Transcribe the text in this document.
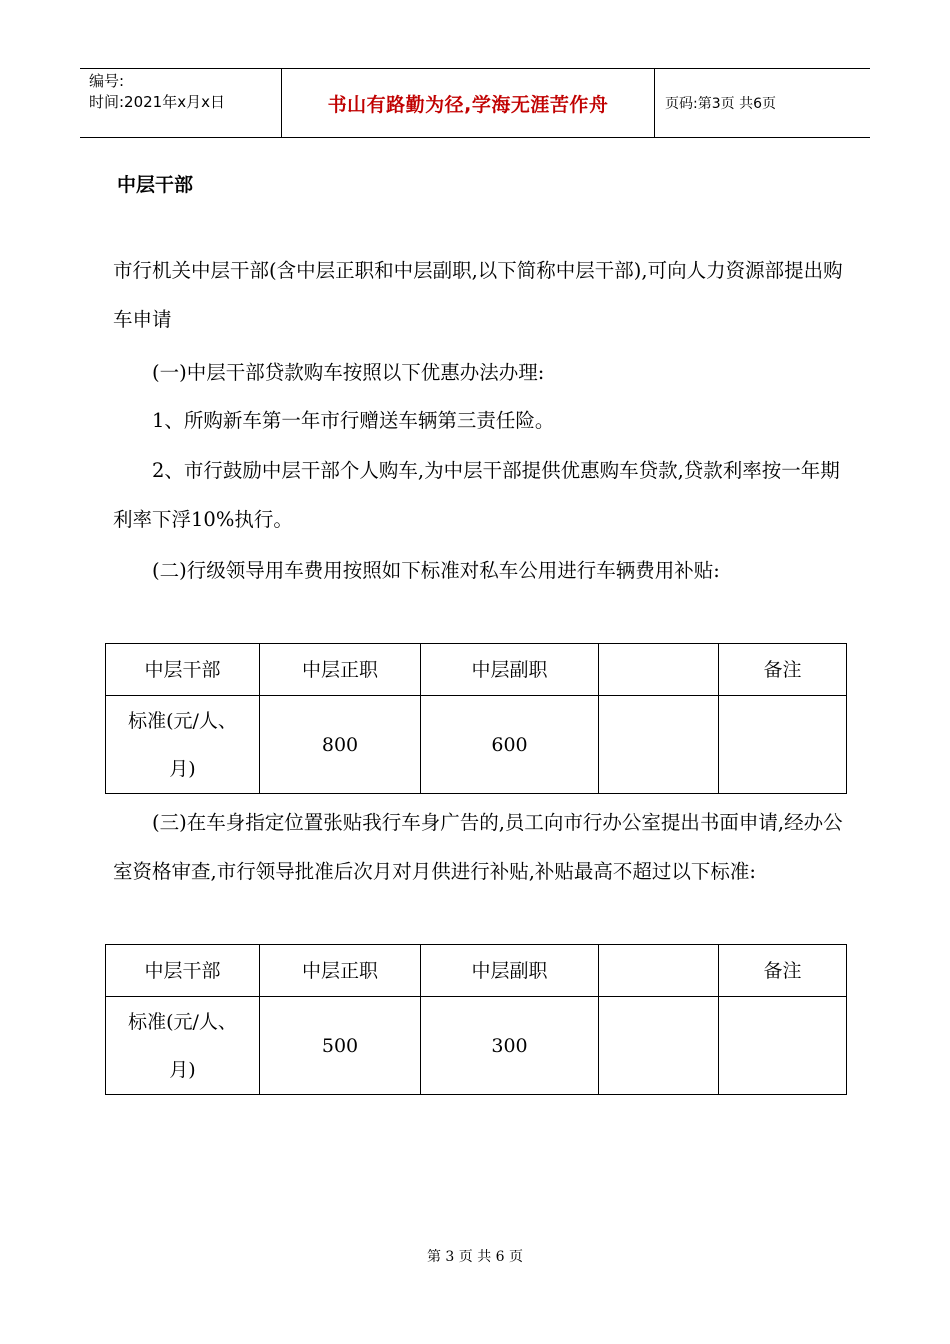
编号:
时间:2021年x月x日	书山有路勤为径,学海无涯苦作舟	页码:第3页 共6页
中层干部

市行机关中层干部(含中层正职和中层副职,以下简称中层干部),可向人力资源部提出购车申请

(一)中层干部贷款购车按照以下优惠办法办理:

1、所购新车第一年市行赠送车辆第三责任险。

2、市行鼓励中层干部个人购车,为中层干部提供优惠购车贷款,贷款利率按一年期利率下浮10%执行。

(二)行级领导用车费用按照如下标准对私车公用进行车辆费用补贴:

中层干部	中层正职	中层副职		备注
标准(元/人、月)	800	600		

(三)在车身指定位置张贴我行车身广告的,员工向市行办公室提出书面申请,经办公室资格审查,市行领导批准后次月对月供进行补贴,补贴最高不超过以下标准:

中层干部	中层正职	中层副职		备注
标准(元/人、月)	500	300		
第 3 页 共 6 页
